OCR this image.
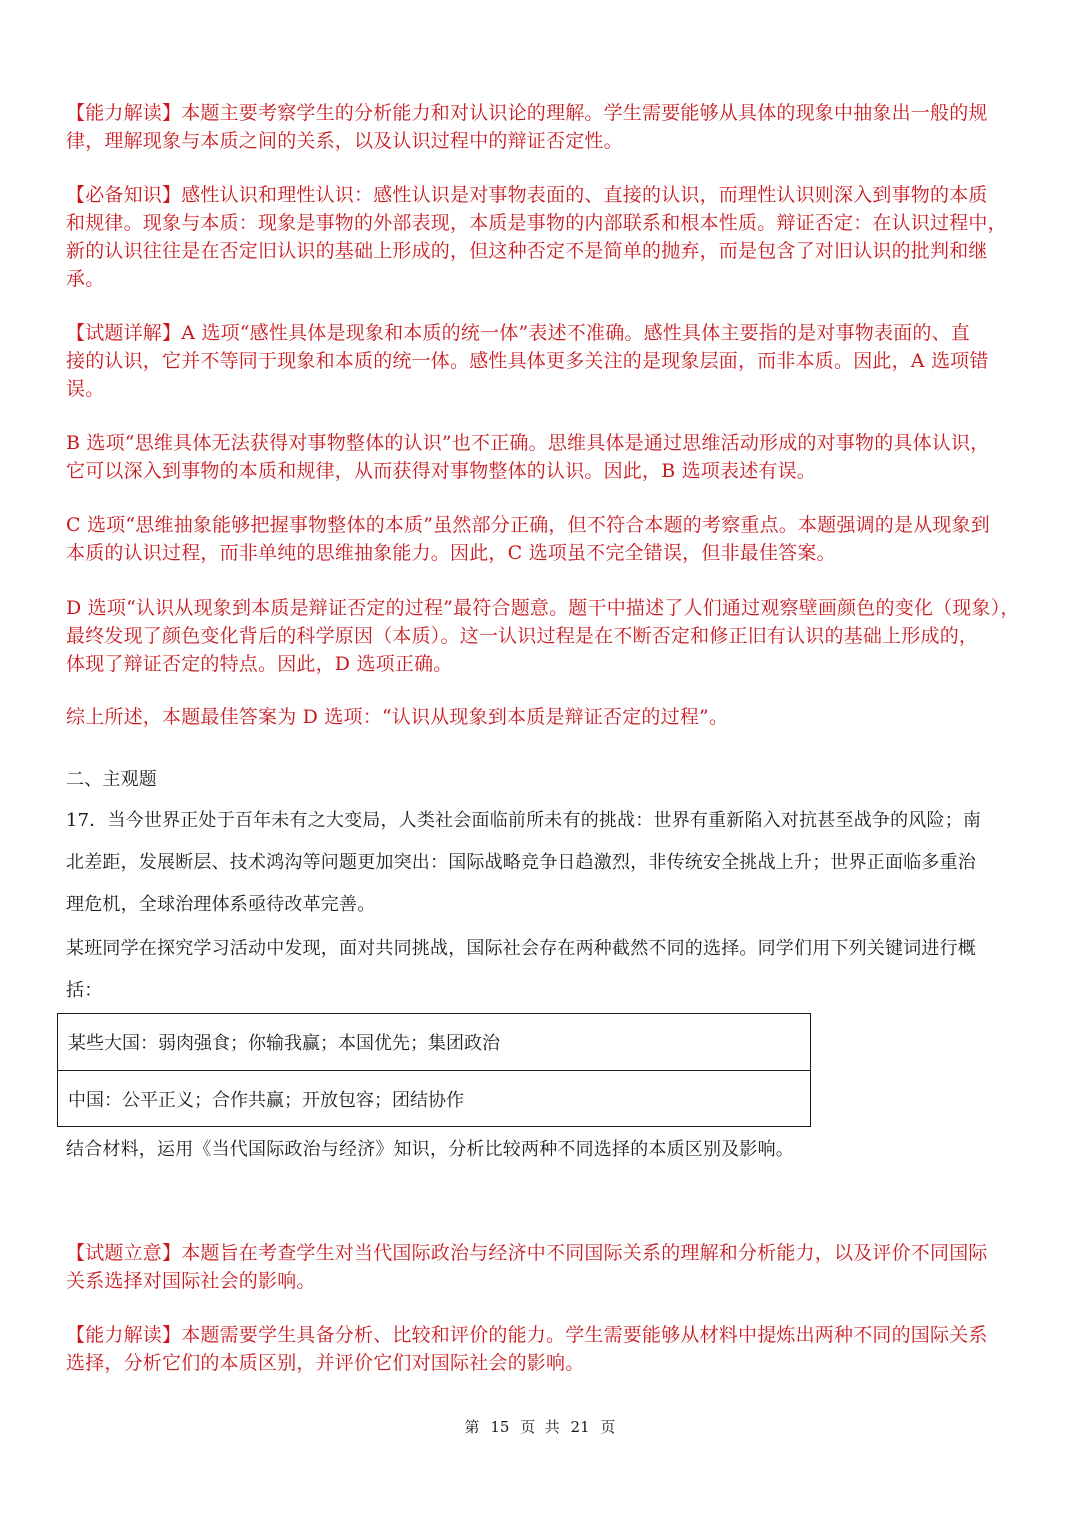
【能力解读】本题主要考察学生的分析能力和对认识论的理解。学生需要能够从具体的现象中抽象出一般的规
律，理解现象与本质之间的关系，以及认识过程中的辩证否定性。
【必备知识】感性认识和理性认识：感性认识是对事物表面的、直接的认识，而理性认识则深入到事物的本质
和规律。现象与本质：现象是事物的外部表现，本质是事物的内部联系和根本性质。辩证否定：在认识过程中，
新的认识往往是在否定旧认识的基础上形成的，但这种否定不是简单的抛弃，而是包含了对旧认识的批判和继
承。
【试题详解】A 选项“感性具体是现象和本质的统一体”表述不准确。感性具体主要指的是对事物表面的、直
接的认识，它并不等同于现象和本质的统一体。感性具体更多关注的是现象层面，而非本质。因此，A 选项错
误。
B 选项“思维具体无法获得对事物整体的认识”也不正确。思维具体是通过思维活动形成的对事物的具体认识，
它可以深入到事物的本质和规律，从而获得对事物整体的认识。因此，B 选项表述有误。
C 选项“思维抽象能够把握事物整体的本质”虽然部分正确，但不符合本题的考察重点。本题强调的是从现象到
本质的认识过程，而非单纯的思维抽象能力。因此，C 选项虽不完全错误，但非最佳答案。
D 选项“认识从现象到本质是辩证否定的过程”最符合题意。题干中描述了人们通过观察壁画颜色的变化（现象），
最终发现了颜色变化背后的科学原因（本质）。这一认识过程是在不断否定和修正旧有认识的基础上形成的，
体现了辩证否定的特点。因此，D 选项正确。
综上所述，本题最佳答案为 D 选项：“认识从现象到本质是辩证否定的过程”。
二、主观题
17．当今世界正处于百年未有之大变局，人类社会面临前所未有的挑战：世界有重新陷入对抗甚至战争的风险；南
北差距，发展断层、技术鸿沟等问题更加突出：国际战略竞争日趋激烈，非传统安全挑战上升；世界正面临多重治
理危机，全球治理体系亟待改革完善。
某班同学在探究学习活动中发现，面对共同挑战，国际社会存在两种截然不同的选择。同学们用下列关键词进行概
括：
某些大国：弱肉强食；你输我赢；本国优先；集团政治
中国：公平正义；合作共赢；开放包容；团结协作
结合材料，运用《当代国际政治与经济》知识，分析比较两种不同选择的本质区别及影响。
【试题立意】本题旨在考查学生对当代国际政治与经济中不同国际关系的理解和分析能力，以及评价不同国际
关系选择对国际社会的影响。
【能力解读】本题需要学生具备分析、比较和评价的能力。学生需要能够从材料中提炼出两种不同的国际关系
选择，分析它们的本质区别，并评价它们对国际社会的影响。
第 15 页  共 21 页
